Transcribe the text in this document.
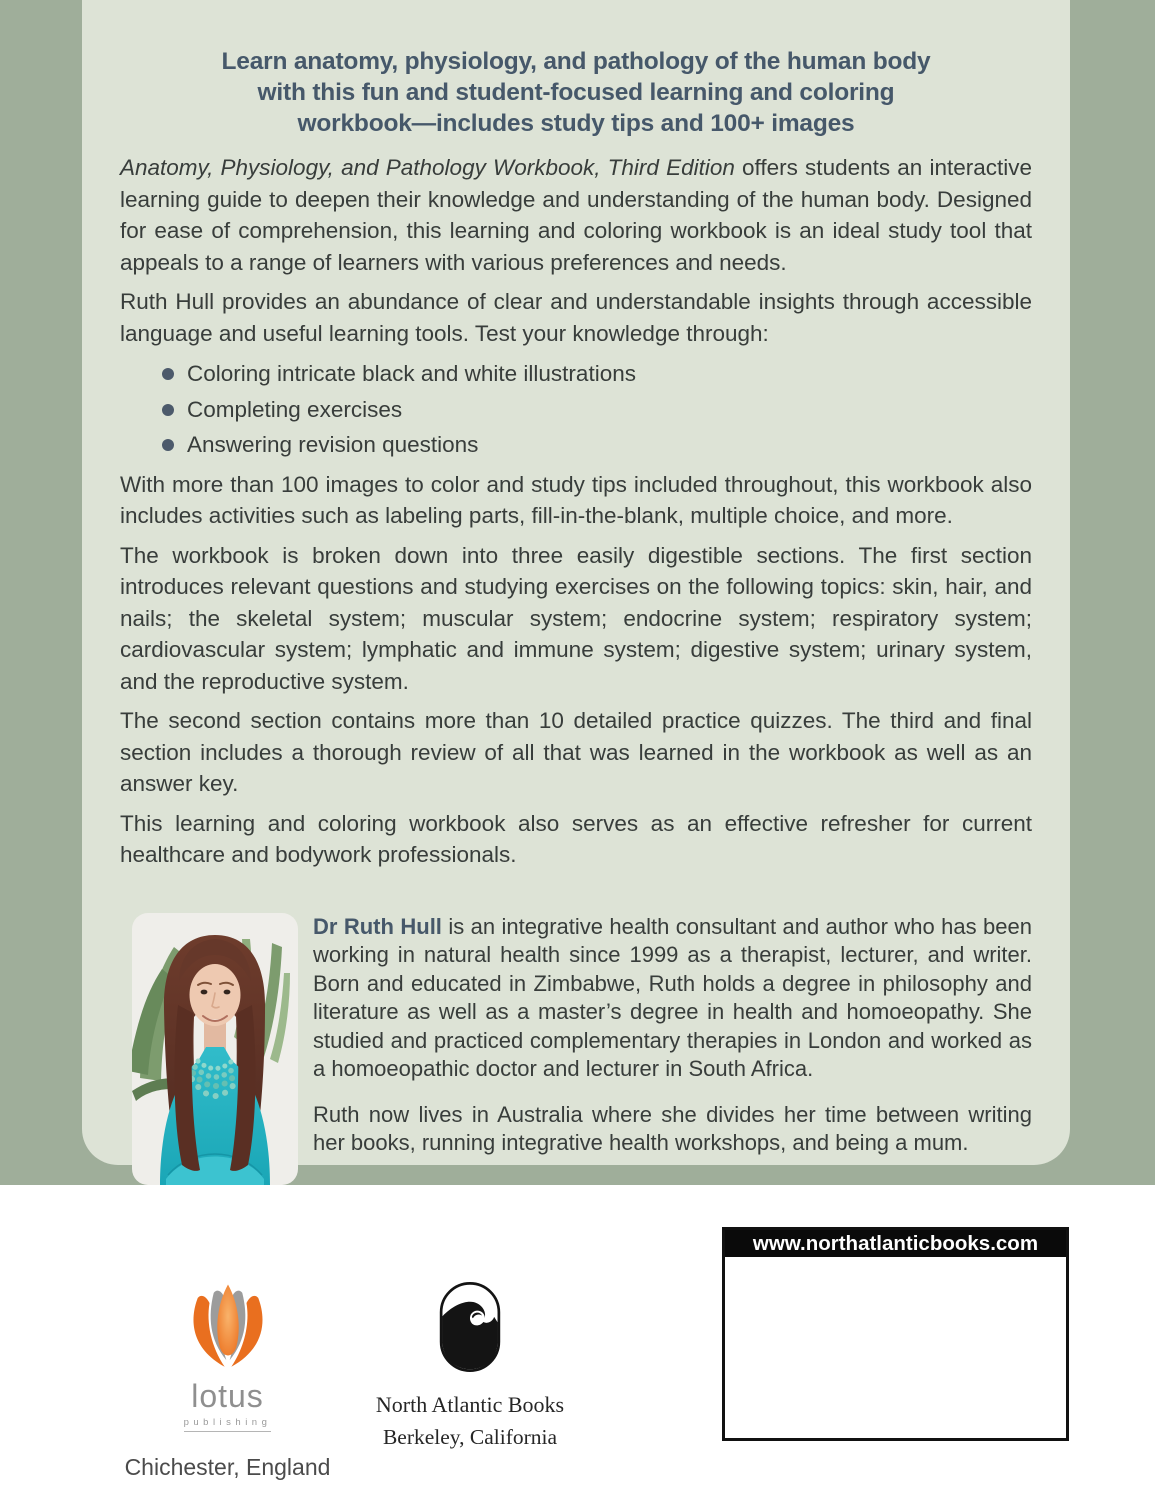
Learn anatomy, physiology, and pathology of the human body
with this fun and student-focused learning and coloring
workbook—includes study tips and 100+ images

Anatomy, Physiology, and Pathology Workbook, Third Edition offers students an interactive learning guide to deepen their knowledge and understanding of the human body. Designed for ease of comprehension, this learning and coloring workbook is an ideal study tool that appeals to a range of learners with various preferences and needs.

Ruth Hull provides an abundance of clear and understandable insights through accessible language and useful learning tools. Test your knowledge through:

Coloring intricate black and white illustrations
Completing exercises
Answering revision questions

With more than 100 images to color and study tips included throughout, this workbook also includes activities such as labeling parts, fill-in-the-blank, multiple choice, and more.

The workbook is broken down into three easily digestible sections. The first section introduces relevant questions and studying exercises on the following topics: skin, hair, and nails; the skeletal system; muscular system; endocrine system; respiratory system; cardiovascular system; lymphatic and immune system; digestive system; urinary system, and the reproductive system.

The second section contains more than 10 detailed practice quizzes. The third and final section includes a thorough review of all that was learned in the workbook as well as an answer key.

This learning and coloring workbook also serves as an effective refresher for current healthcare and bodywork professionals.

Dr Ruth Hull is an integrative health consultant and author who has been working in natural health since 1999 as a therapist, lecturer, and writer. Born and educated in Zimbabwe, Ruth holds a degree in philosophy and literature as well as a master’s degree in health and homoeopathy. She studied and practiced complementary therapies in London and worked as a homoeopathic doctor and lecturer in South Africa.

Ruth now lives in Australia where she divides her time between writing her books, running integrative health workshops, and being a mum.

lotus
publishing
Chichester, England
North Atlantic Books
Berkeley, California
www.northatlanticbooks.com
